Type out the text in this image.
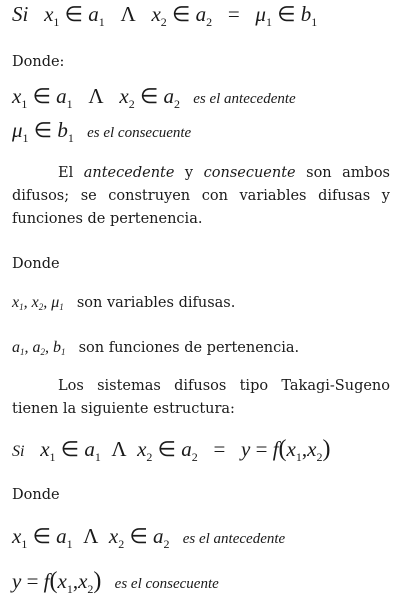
Si $x_1$ ∈ $a_1$ Λ $x_2$ ∈ $a_2 = \mu_1$ ∈ $b_1$
Donde:
$x_1$ ∈ $a_1$ Λ $x_2$ ∈ $a_2$ es el antecedente
$\mu_1$ ∈ $b_1$ es el consecuente
El antecedente y consecuente son ambos difusos; se construyen con variables difusas y funciones de pertenencia.
Donde
$x_1$, $x_2$, $\mu_1$ son variables difusas.
$a_1$, $a_2$, $b_1$ son funciones de pertenencia.
Los sistemas difusos tipo Takagi-Sugeno tienen la siguiente estructura:
Si $x_1$ ∈ $a_1$ Λ $x_2$ ∈ $a_2 = y = f(x_1,x_2)$
Donde
$x_1$ ∈ $a_1$ Λ $x_2$ ∈ $a_2$ es el antecedente
$y = f(x_1,x_2)$ es el consecuente
